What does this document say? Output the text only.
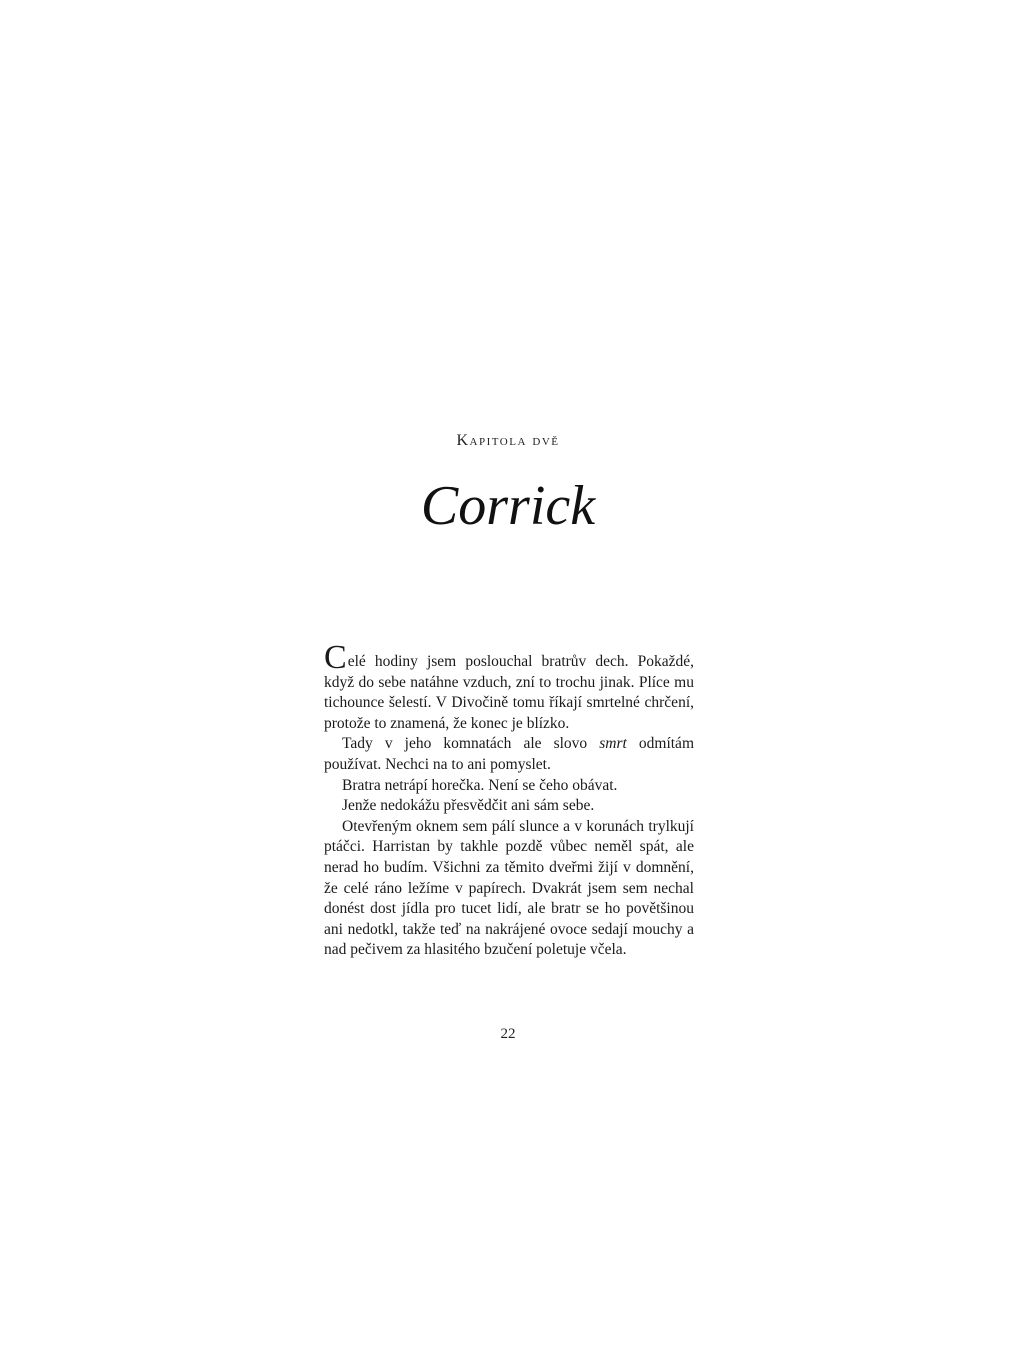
Kapitola dvě
Corrick

Celé hodiny jsem poslouchal bratrův dech. Pokaždé, když do sebe natáhne vzduch, zní to trochu jinak. Plíce mu tichounce šelestí. V Divočině tomu říkají smrtelné chrčení, protože to znamená, že konec je blízko.

Tady v jeho komnatách ale slovo smrt odmítám používat. Nechci na to ani pomyslet.

Bratra netrápí horečka. Není se čeho obávat.

Jenže nedokážu přesvědčit ani sám sebe.

Otevřeným oknem sem pálí slunce a v korunách trylkují ptáčci. Harristan by takhle pozdě vůbec neměl spát, ale nerad ho budím. Všichni za těmito dveřmi žijí v domnění, že celé ráno ležíme v papírech. Dvakrát jsem sem nechal donést dost jídla pro tucet lidí, ale bratr se ho povětšinou ani nedotkl, takže teď na nakrájené ovoce sedají mouchy a nad pečivem za hlasitého bzučení poletuje včela.

22
